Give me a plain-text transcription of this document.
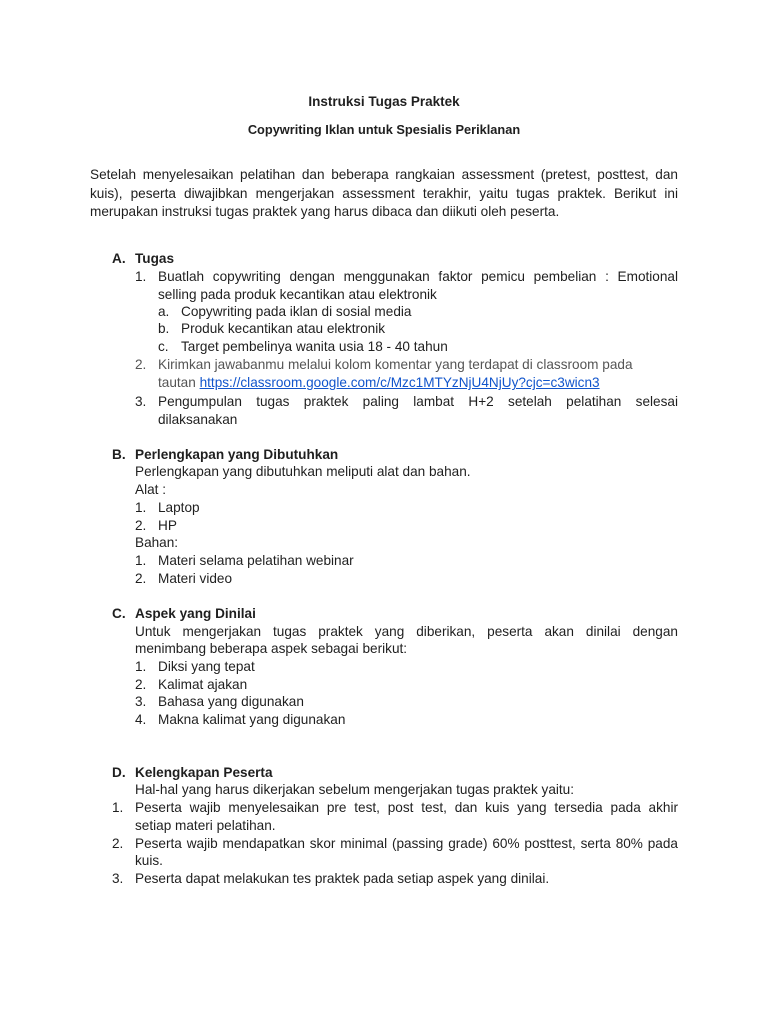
Instruksi Tugas Praktek
Copywriting Iklan untuk Spesialis Periklanan
Setelah menyelesaikan pelatihan dan beberapa rangkaian assessment (pretest, posttest, dan
kuis), peserta diwajibkan mengerjakan assessment terakhir, yaitu tugas praktek. Berikut ini
merupakan instruksi tugas praktek yang harus dibaca dan diikuti oleh peserta.
A. Tugas
1. Buatlah copywriting dengan menggunakan faktor pemicu pembelian : Emotional
selling pada produk kecantikan atau elektronik
a. Copywriting pada iklan di sosial media
b. Produk kecantikan atau elektronik
c. Target pembelinya wanita usia 18 - 40 tahun
2. Kirimkan jawabanmu melalui kolom komentar yang terdapat di classroom pada
tautan https://classroom.google.com/c/Mzc1MTYzNjU4NjUy?cjc=c3wicn3
3. Pengumpulan tugas praktek paling lambat H+2 setelah pelatihan selesai
dilaksanakan
B. Perlengkapan yang Dibutuhkan
Perlengkapan yang dibutuhkan meliputi alat dan bahan.
Alat :
1. Laptop
2. HP
Bahan:
1. Materi selama pelatihan webinar
2. Materi video
C. Aspek yang Dinilai
Untuk mengerjakan tugas praktek yang diberikan, peserta akan dinilai dengan
menimbang beberapa aspek sebagai berikut:
1. Diksi yang tepat
2. Kalimat ajakan
3. Bahasa yang digunakan
4. Makna kalimat yang digunakan
D. Kelengkapan Peserta
Hal-hal yang harus dikerjakan sebelum mengerjakan tugas praktek yaitu:
1. Peserta wajib menyelesaikan pre test, post test, dan kuis yang tersedia pada akhir
setiap materi pelatihan.
2. Peserta wajib mendapatkan skor minimal (passing grade) 60% posttest, serta 80% pada
kuis.
3. Peserta dapat melakukan tes praktek pada setiap aspek yang dinilai.
